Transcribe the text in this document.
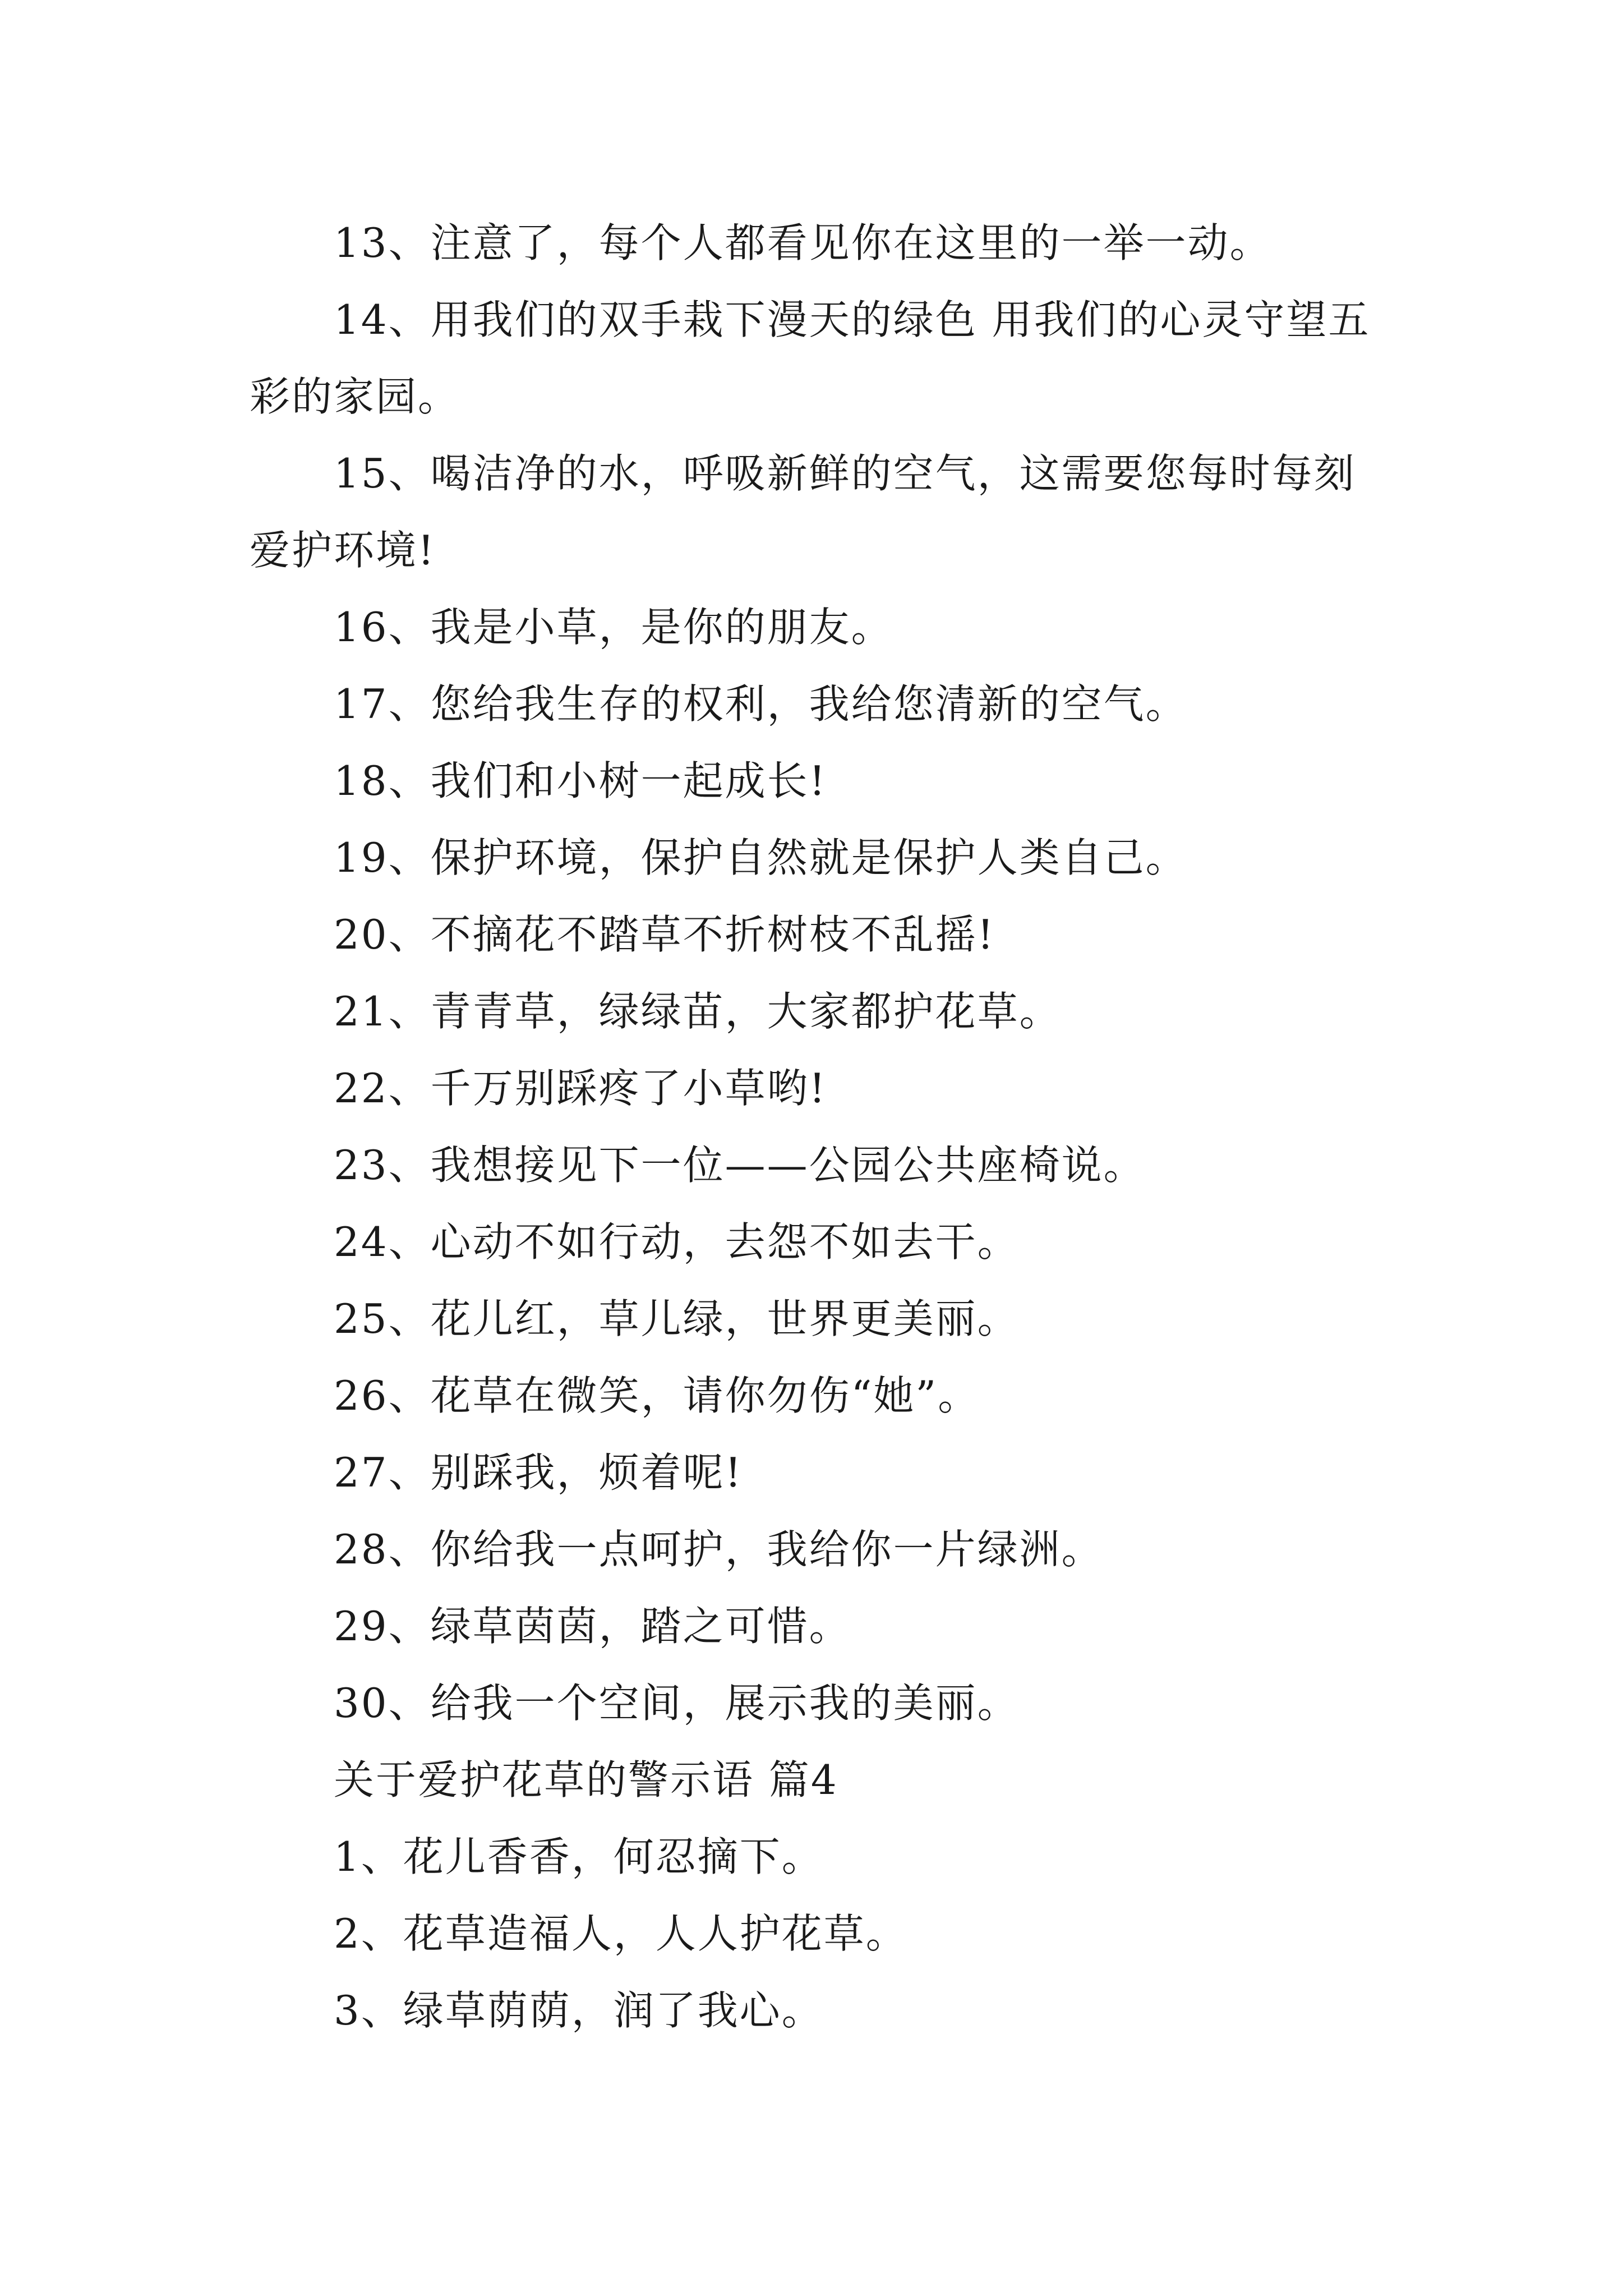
13、注意了，每个人都看见你在这里的一举一动。

14、用我们的双手栽下漫天的绿色 用我们的心灵守望五彩的家园。

15、喝洁净的水，呼吸新鲜的空气，这需要您每时每刻爱护环境!

16、我是小草，是你的朋友。

17、您给我生存的权利，我给您清新的空气。

18、我们和小树一起成长!

19、保护环境，保护自然就是保护人类自己。

20、不摘花不踏草不折树枝不乱摇!

21、青青草，绿绿苗，大家都护花草。

22、千万别踩疼了小草哟!

23、我想接见下一位——公园公共座椅说。

24、心动不如行动，去怨不如去干。

25、花儿红，草儿绿，世界更美丽。

26、花草在微笑，请你勿伤“她”。

27、别踩我，烦着呢!

28、你给我一点呵护，我给你一片绿洲。

29、绿草茵茵，踏之可惜。

30、给我一个空间，展示我的美丽。

关于爱护花草的警示语 篇4

1、花儿香香，何忍摘下。

2、花草造福人，人人护花草。

3、绿草荫荫，润了我心。
